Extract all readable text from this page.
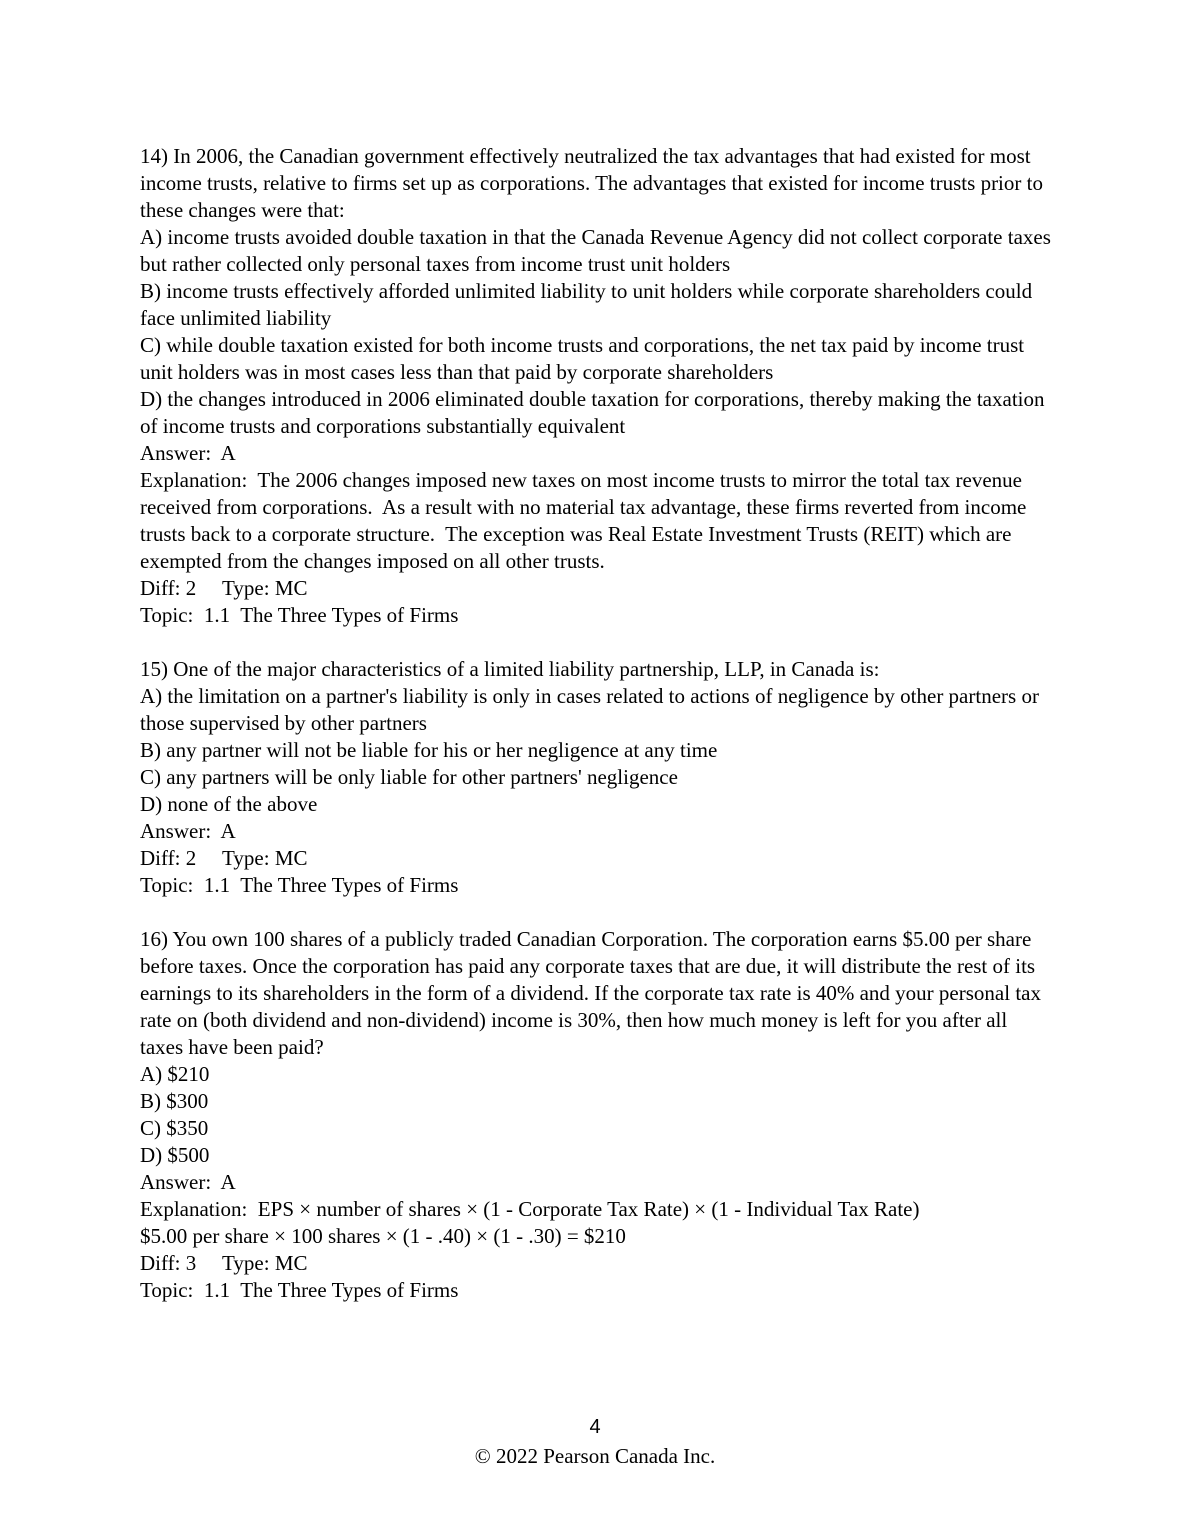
14) In 2006, the Canadian government effectively neutralized the tax advantages that had existed for most income trusts, relative to firms set up as corporations. The advantages that existed for income trusts prior to these changes were that:

A) income trusts avoided double taxation in that the Canada Revenue Agency did not collect corporate taxes but rather collected only personal taxes from income trust unit holders

B) income trusts effectively afforded unlimited liability to unit holders while corporate shareholders could face unlimited liability

C) while double taxation existed for both income trusts and corporations, the net tax paid by income trust unit holders was in most cases less than that paid by corporate shareholders

D) the changes introduced in 2006 eliminated double taxation for corporations, thereby making the taxation of income trusts and corporations substantially equivalent

Answer:  A

Explanation:  The 2006 changes imposed new taxes on most income trusts to mirror the total tax revenue received from corporations.  As a result with no material tax advantage, these firms reverted from income trusts back to a corporate structure.  The exception was Real Estate Investment Trusts (REIT) which are exempted from the changes imposed on all other trusts.

Diff: 2     Type: MC

Topic:  1.1  The Three Types of Firms

15) One of the major characteristics of a limited liability partnership, LLP, in Canada is:

A) the limitation on a partner's liability is only in cases related to actions of negligence by other partners or those supervised by other partners

B) any partner will not be liable for his or her negligence at any time

C) any partners will be only liable for other partners' negligence

D) none of the above

Answer:  A

Diff: 2     Type: MC

Topic:  1.1  The Three Types of Firms

16) You own 100 shares of a publicly traded Canadian Corporation. The corporation earns $5.00 per share before taxes. Once the corporation has paid any corporate taxes that are due, it will distribute the rest of its earnings to its shareholders in the form of a dividend. If the corporate tax rate is 40% and your personal tax rate on (both dividend and non-dividend) income is 30%, then how much money is left for you after all taxes have been paid?

A) $210

B) $300

C) $350

D) $500

Answer:  A

Explanation:  EPS × number of shares × (1 - Corporate Tax Rate) × (1 - Individual Tax Rate)

$5.00 per share × 100 shares × (1 - .40) × (1 - .30) = $210

Diff: 3     Type: MC

Topic:  1.1  The Three Types of Firms

4
© 2022 Pearson Canada Inc.
